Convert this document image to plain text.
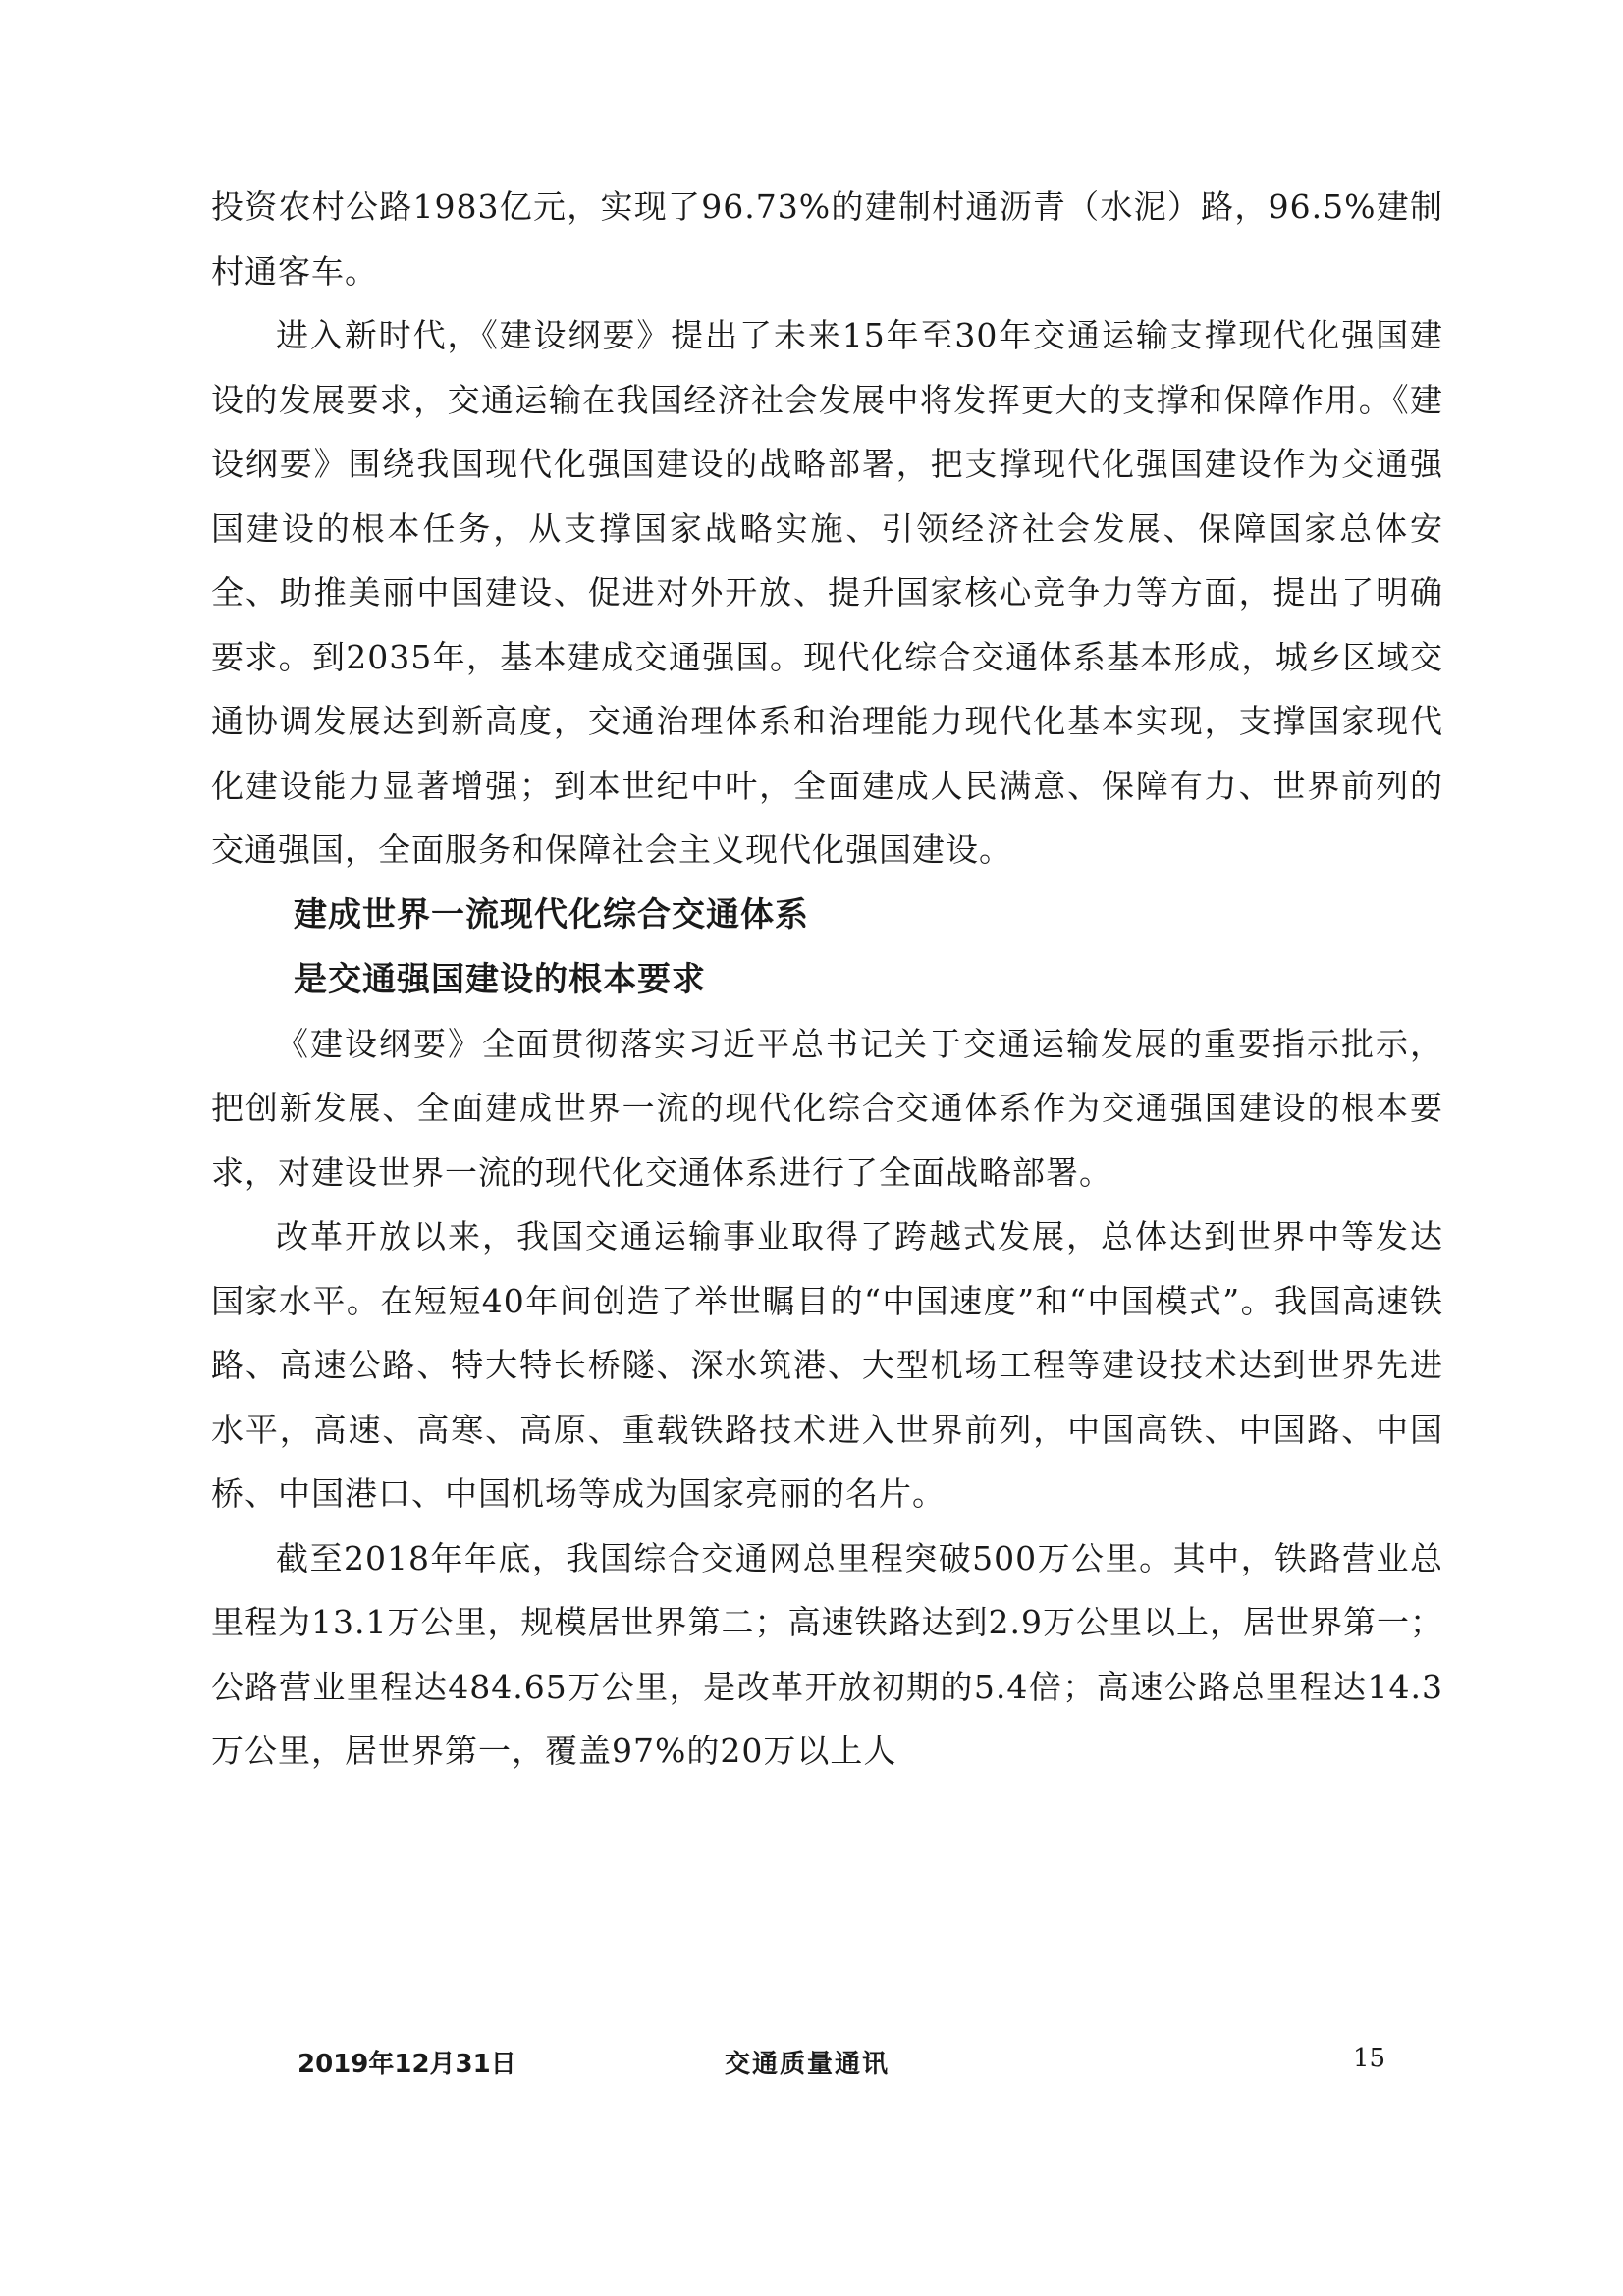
投资农村公路1983亿元，实现了96.73%的建制村通沥青（水泥）路，96.5%建制村通客车。

进入新时代，《建设纲要》提出了未来15年至30年交通运输支撑现代化强国建设的发展要求，交通运输在我国经济社会发展中将发挥更大的支撑和保障作用。《建设纲要》围绕我国现代化强国建设的战略部署，把支撑现代化强国建设作为交通强国建设的根本任务，从支撑国家战略实施、引领经济社会发展、保障国家总体安全、助推美丽中国建设、促进对外开放、提升国家核心竞争力等方面，提出了明确要求。到2035年，基本建成交通强国。现代化综合交通体系基本形成，城乡区域交通协调发展达到新高度，交通治理体系和治理能力现代化基本实现，支撑国家现代化建设能力显著增强；到本世纪中叶，全面建成人民满意、保障有力、世界前列的交通强国，全面服务和保障社会主义现代化强国建设。

建成世界一流现代化综合交通体系
是交通强国建设的根本要求

《建设纲要》全面贯彻落实习近平总书记关于交通运输发展的重要指示批示，把创新发展、全面建成世界一流的现代化综合交通体系作为交通强国建设的根本要求，对建设世界一流的现代化交通体系进行了全面战略部署。

改革开放以来，我国交通运输事业取得了跨越式发展，总体达到世界中等发达国家水平。在短短40年间创造了举世瞩目的“中国速度”和“中国模式”。我国高速铁路、高速公路、特大特长桥隧、深水筑港、大型机场工程等建设技术达到世界先进水平，高速、高寒、高原、重载铁路技术进入世界前列，中国高铁、中国路、中国桥、中国港口、中国机场等成为国家亮丽的名片。

截至2018年年底，我国综合交通网总里程突破500万公里。其中，铁路营业总里程为13.1万公里，规模居世界第二；高速铁路达到2.9万公里以上，居世界第一；公路营业里程达484.65万公里，是改革开放初期的5.4倍；高速公路总里程达14.3万公里，居世界第一，覆盖97%的20万以上人

2019年12月31日	交通质量通讯	15
